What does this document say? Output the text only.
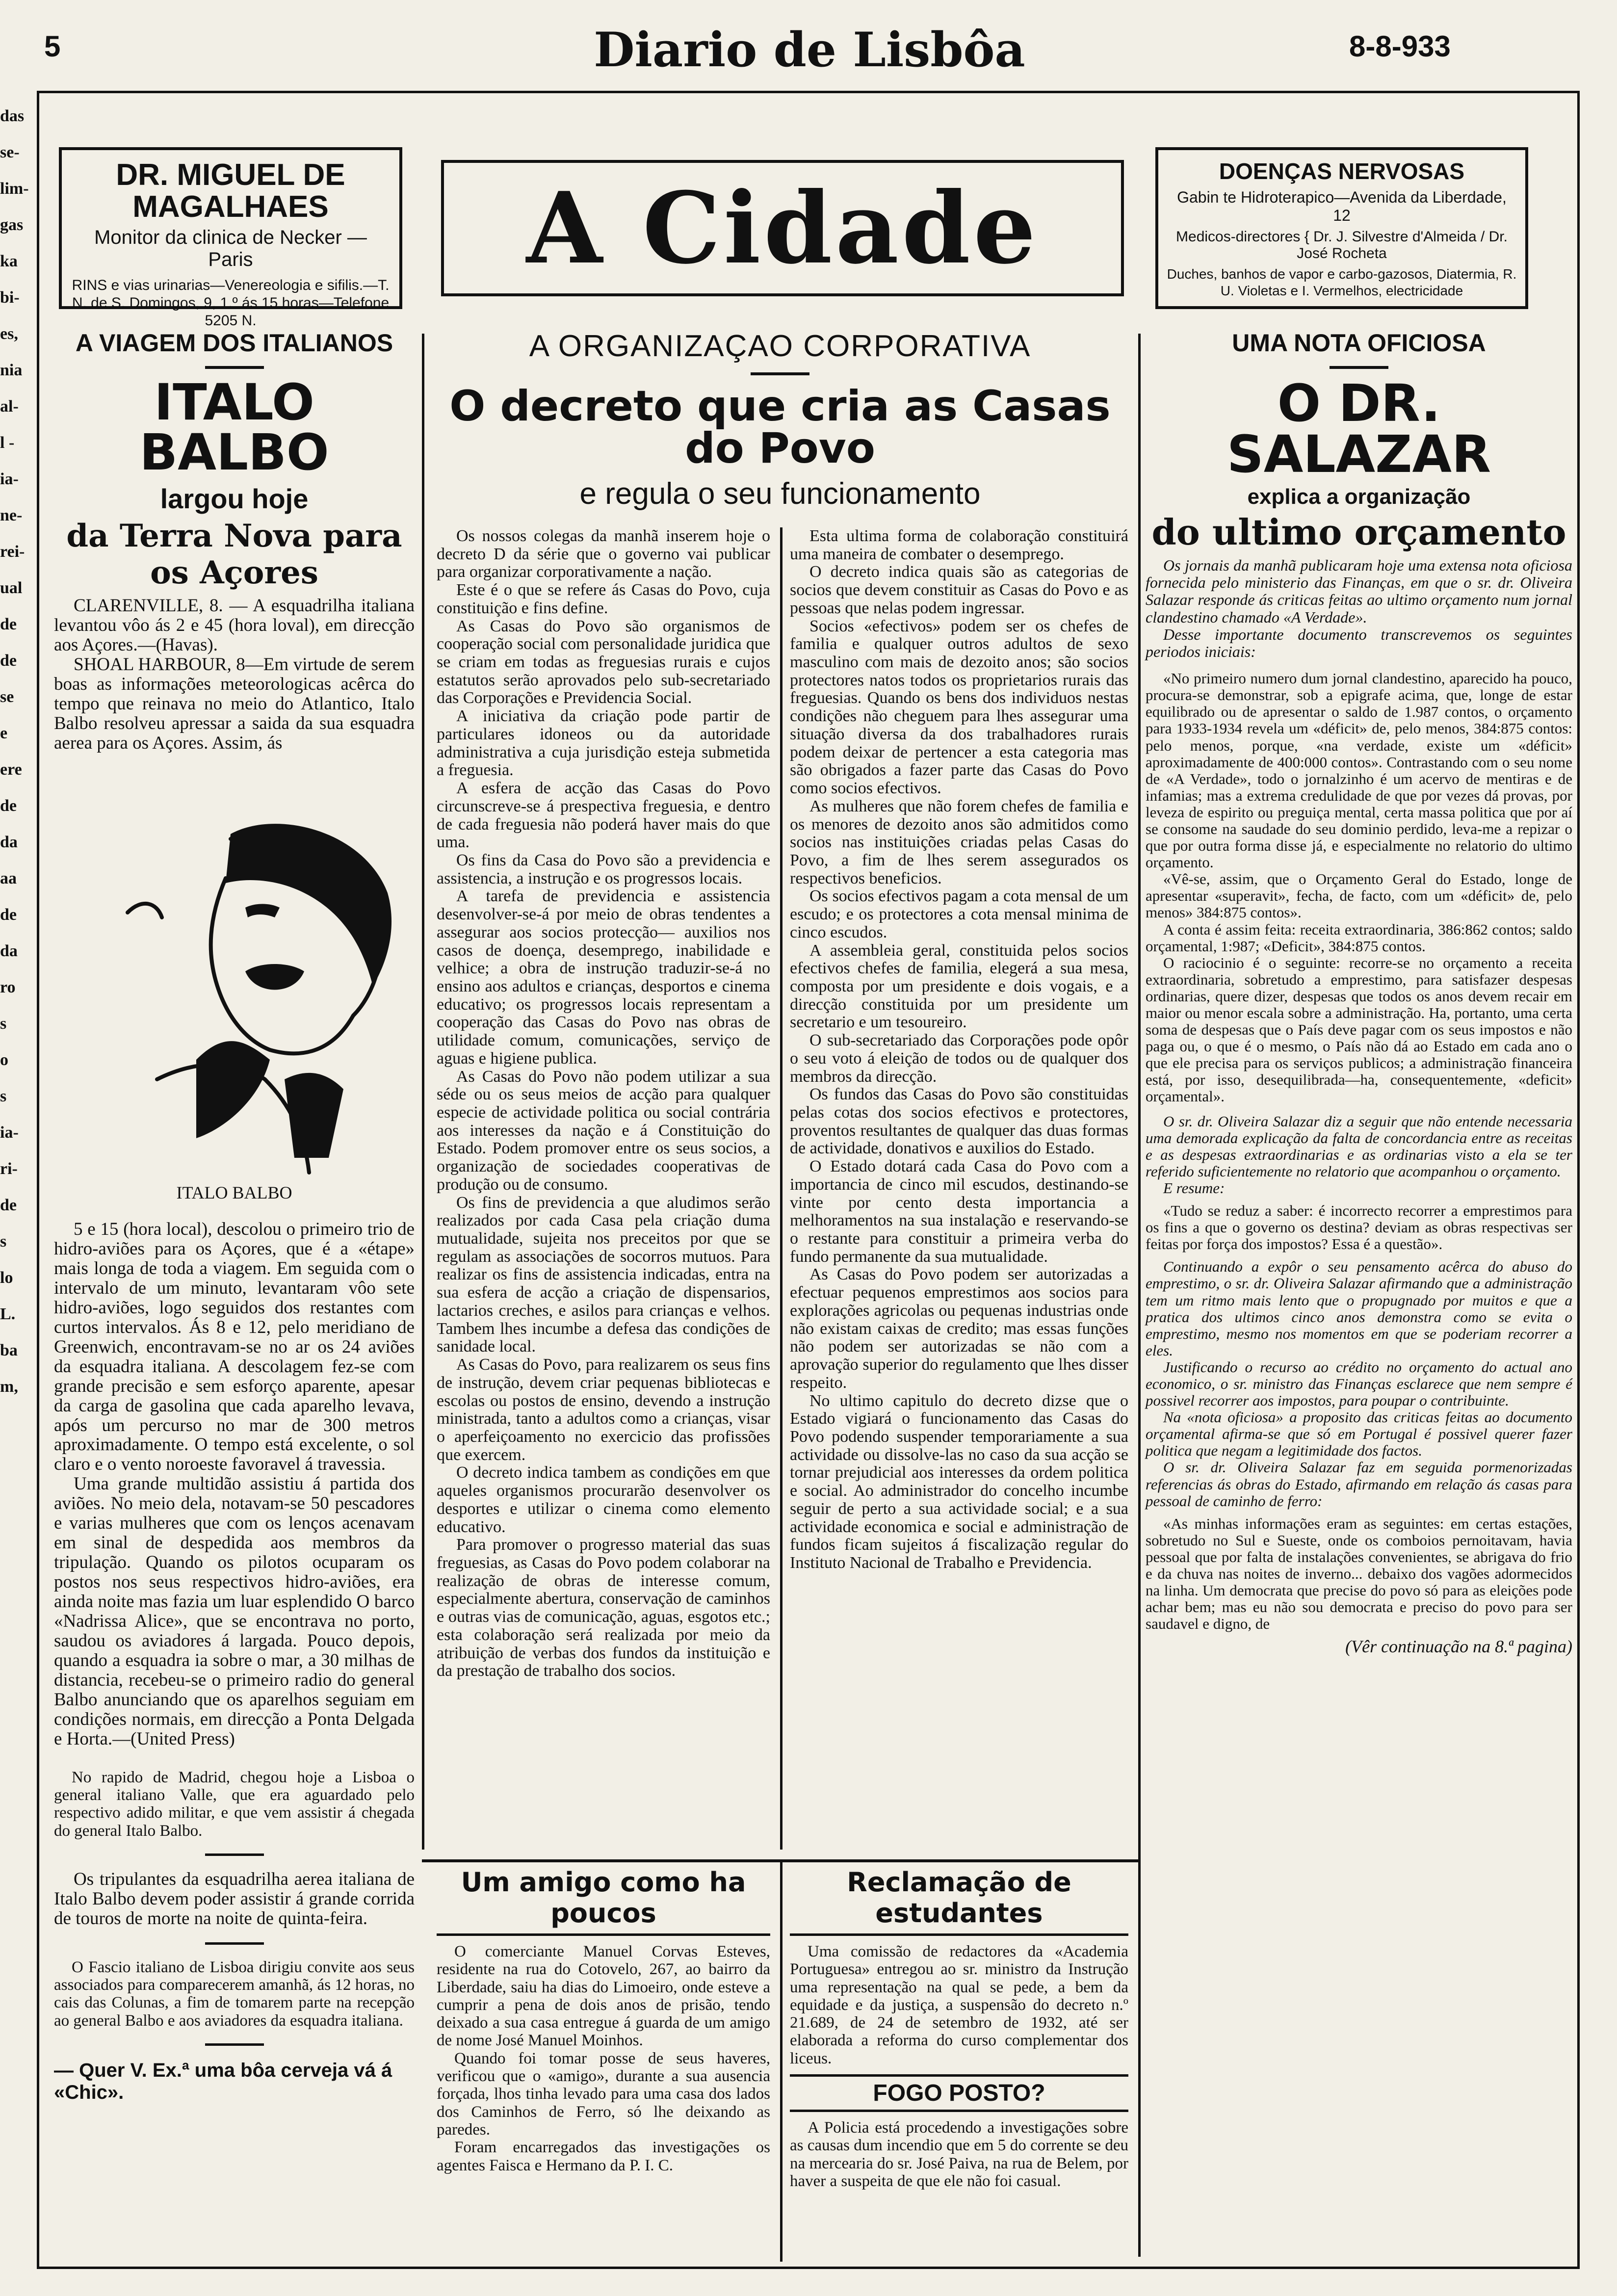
5	Diario de Lisbôa	8-8-933
das
se-
lim-
gas
ka
bi-
es,
nia
al-
l -
ia-
ne-
rei-
ual
de
de
se
e
ere
de
da
aa
de
da
ro
s
o
s
ia-
ri-
de
s
lo
L.
ba
m,
DR. MIGUEL DE MAGALHAES
Monitor da clinica de Necker — Paris
RINS e vias urinarias—Venereologia e sifilis.—T. N. de S. Domingos, 9, 1.º ás 15 horas—Telefone 5205 N.
A Cidade	DOENÇAS NERVOSAS
Gabin te Hidroterapico—Avenida da Liberdade, 12
Medicos-directores { Dr. J. Silvestre d'Almeida / Dr. José Rocheta
Duches, banhos de vapor e carbo-gazosos, Diatermia, R. U. Violetas e I. Vermelhos, electricidade
A VIAGEM DOS ITALIANOS
ITALO BALBO
largou hoje
da Terra Nova para os Açores

CLARENVILLE, 8. — A esquadrilha italiana levantou vôo ás 2 e 45 (hora loval), em direcção aos Açores.—(Havas).

SHOAL HARBOUR, 8—Em virtude de serem boas as informações meteorologicas acêrca do tempo que reinava no meio do Atlantico, Italo Balbo resolveu apressar a saida da sua esquadra aerea para os Açores. Assim, ás

ITALO BALBO

5 e 15 (hora local), descolou o primeiro trio de hidro-aviões para os Açores, que é a «étape» mais longa de toda a viagem. Em seguida com o intervalo de um minuto, levantaram vôo sete hidro-aviões, logo seguidos dos restantes com curtos intervalos. Ás 8 e 12, pelo meridiano de Greenwich, encontravam-se no ar os 24 aviões da esquadra italiana. A descolagem fez-se com grande precisão e sem esforço aparente, apesar da carga de gasolina que cada aparelho levava, após um percurso no mar de 300 metros aproximadamente. O tempo está excelente, o sol claro e o vento noroeste favoravel á travessia.

Uma grande multidão assistiu á partida dos aviões. No meio dela, notavam-se 50 pescadores e varias mulheres que com os lenços acenavam em sinal de despedida aos membros da tripulação. Quando os pilotos ocuparam os postos nos seus respectivos hidro-aviões, era ainda noite mas fazia um luar esplendido O barco «Nadrissa Alice», que se encontrava no porto, saudou os aviadores á largada. Pouco depois, quando a esquadra ia sobre o mar, a 30 milhas de distancia, recebeu-se o primeiro radio do general Balbo anunciando que os aparelhos seguiam em condições normais, em direcção a Ponta Delgada e Horta.—(United Press)

No rapido de Madrid, chegou hoje a Lisboa o general italiano Valle, que era aguardado pelo respectivo adido militar, e que vem assistir á chegada do general Italo Balbo.

Os tripulantes da esquadrilha aerea italiana de Italo Balbo devem poder assistir á grande corrida de touros de morte na noite de quinta-feira.

O Fascio italiano de Lisboa dirigiu convite aos seus associados para comparecerem amanhã, ás 12 horas, no cais das Colunas, a fim de tomarem parte na recepção ao general Balbo e aos aviadores da esquadra italiana.

— Quer V. Ex.ª uma bôa cerveja vá á «Chic».
A ORGANIZAÇAO CORPORATIVA
O decreto que cria as Casas do Povo
e regula o seu funcionamento

Os nossos colegas da manhã inserem hoje o decreto D da série que o governo vai publicar para organizar corporativamente a nação.

Este é o que se refere ás Casas do Povo, cuja constituição e fins define.

As Casas do Povo são organismos de cooperação social com personalidade juridica que se criam em todas as freguesias rurais e cujos estatutos serão aprovados pelo sub-secretariado das Corporações e Previdencia Social.

A iniciativa da criação pode partir de particulares idoneos ou da autoridade administrativa a cuja jurisdição esteja submetida a freguesia.

A esfera de acção das Casas do Povo circunscreve-se á prespectiva freguesia, e dentro de cada freguesia não poderá haver mais do que uma.

Os fins da Casa do Povo são a previdencia e assistencia, a instrução e os progressos locais.

A tarefa de previdencia e assistencia desenvolver-se-á por meio de obras tendentes a assegurar aos socios protecção— auxilios nos casos de doença, desemprego, inabilidade e velhice; a obra de instrução traduzir-se-á no ensino aos adultos e crianças, desportos e cinema educativo; os progressos locais representam a cooperação das Casas do Povo nas obras de utilidade comum, comunicações, serviço de aguas e higiene publica.

As Casas do Povo não podem utilizar a sua séde ou os seus meios de acção para qualquer especie de actividade politica ou social contrária aos interesses da nação e á Constituição do Estado. Podem promover entre os seus socios, a organização de sociedades cooperativas de produção ou de consumo.

Os fins de previdencia a que aludimos serão realizados por cada Casa pela criação duma mutualidade, sujeita nos preceitos por que se regulam as associações de socorros mutuos. Para realizar os fins de assistencia indicadas, entra na sua esfera de acção a criação de dispensarios, lactarios creches, e asilos para crianças e velhos. Tambem lhes incumbe a defesa das condições de sanidade local.

As Casas do Povo, para realizarem os seus fins de instrução, devem criar pequenas bibliotecas e escolas ou postos de ensino, devendo a instrução ministrada, tanto a adultos como a crianças, visar o aperfeiçoamento no exercicio das profissões que exercem.

O decreto indica tambem as condições em que aqueles organismos procurarão desenvolver os desportes e utilizar o cinema como elemento educativo.

Para promover o progresso material das suas freguesias, as Casas do Povo podem colaborar na realização de obras de interesse comum, especialmente abertura, conservação de caminhos e outras vias de comunicação, aguas, esgotos etc.; esta colaboração será realizada por meio da atribuição de verbas dos fundos da instituição e da prestação de trabalho dos socios.

Esta ultima forma de colaboração constituirá uma maneira de combater o desemprego.

O decreto indica quais são as categorias de socios que devem constituir as Casas do Povo e as pessoas que nelas podem ingressar.

Socios «efectivos» podem ser os chefes de familia e qualquer outros adultos de sexo masculino com mais de dezoito anos; são socios protectores natos todos os proprietarios rurais das freguesias. Quando os bens dos individuos nestas condições não cheguem para lhes assegurar uma situação diversa da dos trabalhadores rurais podem deixar de pertencer a esta categoria mas são obrigados a fazer parte das Casas do Povo como socios efectivos.

As mulheres que não forem chefes de familia e os menores de dezoito anos são admitidos como socios nas instituições criadas pelas Casas do Povo, a fim de lhes serem assegurados os respectivos beneficios.

Os socios efectivos pagam a cota mensal de um escudo; e os protectores a cota mensal minima de cinco escudos.

A assembleia geral, constituida pelos socios efectivos chefes de familia, elegerá a sua mesa, composta por um presidente e dois vogais, e a direcção constituida por um presidente um secretario e um tesoureiro.

O sub-secretariado das Corporações pode opôr o seu voto á eleição de todos ou de qualquer dos membros da direcção.

Os fundos das Casas do Povo são constituidas pelas cotas dos socios efectivos e protectores, proventos resultantes de qualquer das duas formas de actividade, donativos e auxilios do Estado.

O Estado dotará cada Casa do Povo com a importancia de cinco mil escudos, destinando-se vinte por cento desta importancia a melhoramentos na sua instalação e reservando-se o restante para constituir a primeira verba do fundo permanente da sua mutualidade.

As Casas do Povo podem ser autorizadas a efectuar pequenos emprestimos aos socios para explorações agricolas ou pequenas industrias onde não existam caixas de credito; mas essas funções não podem ser autorizadas se não com a aprovação superior do regulamento que lhes disser respeito.

No ultimo capitulo do decreto dizse que o Estado vigiará o funcionamento das Casas do Povo podendo suspender temporariamente a sua actividade ou dissolve-las no caso da sua acção se tornar prejudicial aos interesses da ordem politica e social. Ao administrador do concelho incumbe seguir de perto a sua actividade social; e a sua actividade economica e social e administração de fundos ficam sujeitos á fiscalização regular do Instituto Nacional de Trabalho e Previdencia.

Um amigo como ha poucos

O comerciante Manuel Corvas Esteves, residente na rua do Cotovelo, 267, ao bairro da Liberdade, saiu ha dias do Limoeiro, onde esteve a cumprir a pena de dois anos de prisão, tendo deixado a sua casa entregue á guarda de um amigo de nome José Manuel Moinhos.

Quando foi tomar posse de seus haveres, verificou que o «amigo», durante a sua ausencia forçada, lhos tinha levado para uma casa dos lados dos Caminhos de Ferro, só lhe deixando as paredes.

Foram encarregados das investigações os agentes Faisca e Hermano da P. I. C.

Reclamação de estudantes

Uma comissão de redactores da «Academia Portuguesa» entregou ao sr. ministro da Instrução uma representação na qual se pede, a bem da equidade e da justiça, a suspensão do decreto n.º 21.689, de 24 de setembro de 1932, até ser elaborada a reforma do curso complementar dos liceus.

FOGO POSTO?

A Policia está procedendo a investigações sobre as causas dum incendio que em 5 do corrente se deu na mercearia do sr. José Paiva, na rua de Belem, por haver a suspeita de que ele não foi casual.

UMA NOTA OFICIOSA
O DR. SALAZAR
explica a organização
do ultimo orçamento

Os jornais da manhã publicaram hoje uma extensa nota oficiosa fornecida pelo ministerio das Finanças, em que o sr. dr. Oliveira Salazar responde ás criticas feitas ao ultimo orçamento num jornal clandestino chamado «A Verdade».

Desse importante documento transcrevemos os seguintes periodos iniciais:

«No primeiro numero dum jornal clandestino, aparecido ha pouco, procura-se demonstrar, sob a epigrafe acima, que, longe de estar equilibrado ou de apresentar o saldo de 1.987 contos, o orçamento para 1933-1934 revela um «déficit» de, pelo menos, 384:875 contos: pelo menos, porque, «na verdade, existe um «déficit» aproximadamente de 400:000 contos». Contrastando com o seu nome de «A Verdade», todo o jornalzinho é um acervo de mentiras e de infamias; mas a extrema credulidade de que por vezes dá provas, por leveza de espirito ou preguiça mental, certa massa politica que por aí se consome na saudade do seu dominio perdido, leva-me a repizar o que por outra forma disse já, e especialmente no relatorio do ultimo orçamento.

«Vê-se, assim, que o Orçamento Geral do Estado, longe de apresentar «superavit», fecha, de facto, com um «déficit» de, pelo menos» 384:875 contos».

A conta é assim feita: receita extraordinaria, 386:862 contos; saldo orçamental, 1:987; «Deficit», 384:875 contos.

O raciocinio é o seguinte: recorre-se no orçamento a receita extraordinaria, sobretudo a emprestimo, para satisfazer despesas ordinarias, quere dizer, despesas que todos os anos devem recair em maior ou menor escala sobre a administração. Ha, portanto, uma certa soma de despesas que o País deve pagar com os seus impostos e não paga ou, o que é o mesmo, o País não dá ao Estado em cada ano o que ele precisa para os serviços publicos; a administração financeira está, por isso, desequilibrada—ha, consequentemente, «deficit» orçamental».

O sr. dr. Oliveira Salazar diz a seguir que não entende necessaria uma demorada explicação da falta de concordancia entre as receitas e as despesas extraordinarias e as ordinarias visto a ela se ter referido suficientemente no relatorio que acompanhou o orçamento.

E resume:

«Tudo se reduz a saber: é incorrecto recorrer a emprestimos para os fins a que o governo os destina? deviam as obras respectivas ser feitas por força dos impostos? Essa é a questão».

Continuando a expôr o seu pensamento acêrca do abuso do emprestimo, o sr. dr. Oliveira Salazar afirmando que a administração tem um ritmo mais lento que o propugnado por muitos e que a pratica dos ultimos cinco anos demonstra como se evita o emprestimo, mesmo nos momentos em que se poderiam recorrer a eles.

Justificando o recurso ao crédito no orçamento do actual ano economico, o sr. ministro das Finanças esclarece que nem sempre é possivel recorrer aos impostos, para poupar o contribuinte.

Na «nota oficiosa» a proposito das criticas feitas ao documento orçamental afirma-se que só em Portugal é possivel querer fazer politica que negam a legitimidade dos factos.

O sr. dr. Oliveira Salazar faz em seguida pormenorizadas referencias ás obras do Estado, afirmando em relação ás casas para pessoal de caminho de ferro:

«As minhas informações eram as seguintes: em certas estações, sobretudo no Sul e Sueste, onde os comboios pernoitavam, havia pessoal que por falta de instalações convenientes, se abrigava do frio e da chuva nas noites de inverno... debaixo dos vagões adormecidos na linha. Um democrata que precise do povo só para as eleições pode achar bem; mas eu não sou democrata e preciso do povo para ser saudavel e digno, de

(Vêr continuação na 8.ª pagina)
